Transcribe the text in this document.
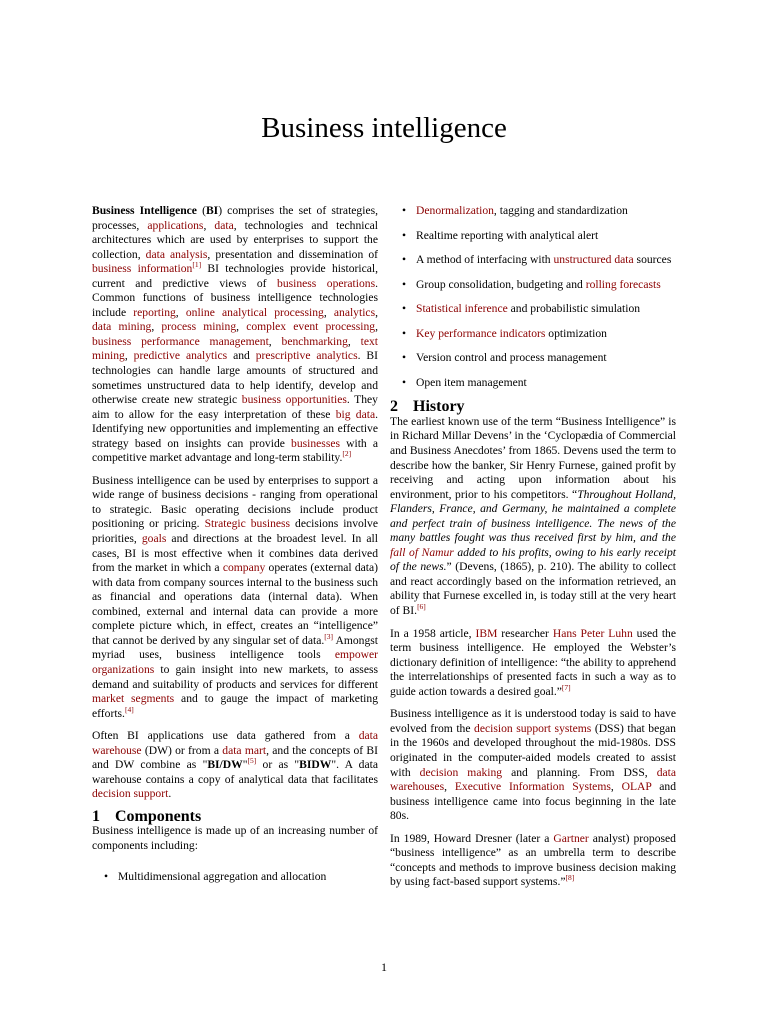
Business intelligence

Business Intelligence (BI) comprises the set of strategies, processes, applications, data, technologies and technical architectures which are used by enterprises to support the collection, data analysis, presentation and dissemination of business information[1] BI technologies provide historical, current and predictive views of business operations. Common functions of business intelligence technologies include reporting, online analytical processing, analytics, data mining, process mining, complex event processing, business performance management, benchmarking, text mining, predictive analytics and prescriptive analytics. BI technologies can handle large amounts of structured and sometimes unstructured data to help identify, develop and otherwise create new strategic business opportunities. They aim to allow for the easy interpretation of these big data. Identifying new opportunities and implementing an effective strategy based on insights can provide businesses with a competitive market advantage and long-term stability.[2]

Business intelligence can be used by enterprises to support a wide range of business decisions - ranging from operational to strategic. Basic operating decisions include product positioning or pricing. Strategic business decisions involve priorities, goals and directions at the broadest level. In all cases, BI is most effective when it combines data derived from the market in which a company operates (external data) with data from company sources internal to the business such as financial and operations data (internal data). When combined, external and internal data can provide a more complete picture which, in effect, creates an “intelligence” that cannot be derived by any singular set of data.[3] Amongst myriad uses, business intelligence tools empower organizations to gain insight into new markets, to assess demand and suitability of products and services for different market segments and to gauge the impact of marketing efforts.[4]

Often BI applications use data gathered from a data warehouse (DW) or from a data mart, and the concepts of BI and DW combine as "BI/DW"[5] or as "BIDW". A data warehouse contains a copy of analytical data that facilitates decision support.

1 Components

Business intelligence is made up of an increasing number of components including:

• Multidimensional aggregation and allocation
• Denormalization, tagging and standardization
• Realtime reporting with analytical alert
• A method of interfacing with unstructured data sources
• Group consolidation, budgeting and rolling forecasts
• Statistical inference and probabilistic simulation
• Key performance indicators optimization
• Version control and process management
• Open item management
2 History

The earliest known use of the term “Business Intelligence” is in Richard Millar Devens’ in the ‘Cyclopædia of Commercial and Business Anecdotes’ from 1865. Devens used the term to describe how the banker, Sir Henry Furnese, gained profit by receiving and acting upon information about his environment, prior to his competitors. “Throughout Holland, Flanders, France, and Germany, he maintained a complete and perfect train of business intelligence. The news of the many battles fought was thus received first by him, and the fall of Namur added to his profits, owing to his early receipt of the news.” (Devens, (1865), p. 210). The ability to collect and react accordingly based on the information retrieved, an ability that Furnese excelled in, is today still at the very heart of BI.[6]

In a 1958 article, IBM researcher Hans Peter Luhn used the term business intelligence. He employed the Webster’s dictionary definition of intelligence: “the ability to apprehend the interrelationships of presented facts in such a way as to guide action towards a desired goal.”[7]

Business intelligence as it is understood today is said to have evolved from the decision support systems (DSS) that began in the 1960s and developed throughout the mid-1980s. DSS originated in the computer-aided models created to assist with decision making and planning. From DSS, data warehouses, Executive Information Systems, OLAP and business intelligence came into focus beginning in the late 80s.

In 1989, Howard Dresner (later a Gartner analyst) proposed “business intelligence” as an umbrella term to describe “concepts and methods to improve business decision making by using fact-based support systems.”[8]

1
